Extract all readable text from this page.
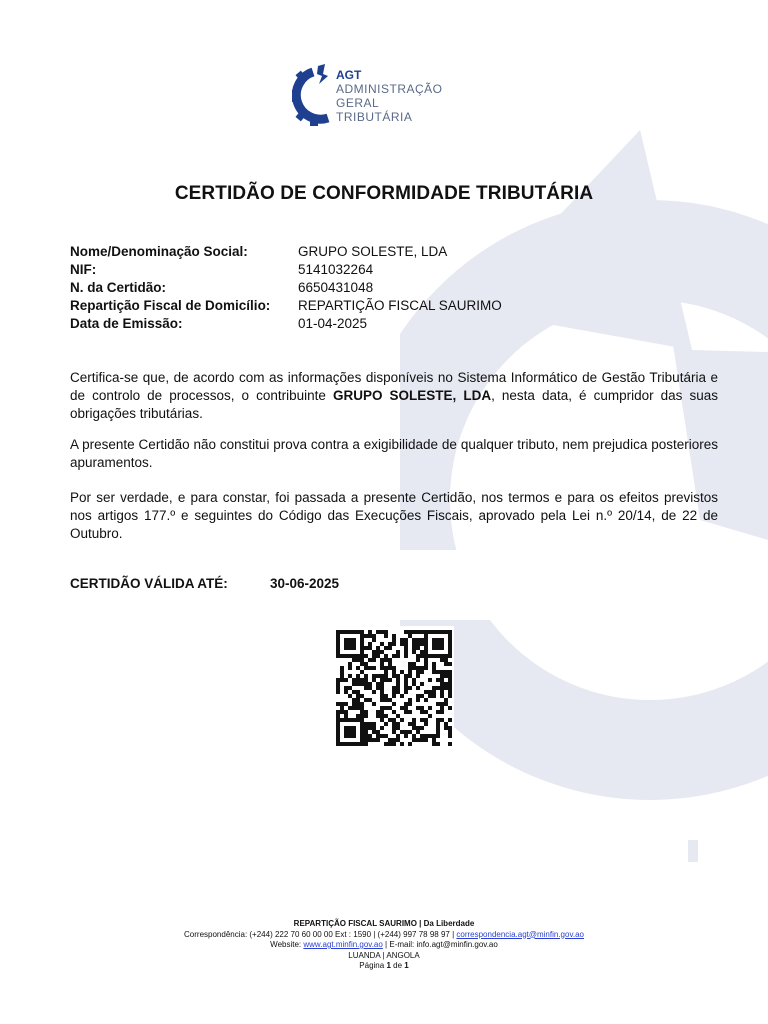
AGT
ADMINISTRAÇÃO
GERAL
TRIBUTÁRIA
CERTIDÃO DE CONFORMIDADE TRIBUTÁRIA
Nome/Denominação Social:	GRUPO SOLESTE, LDA
NIF:	5141032264
N. da Certidão:	6650431048
Repartição Fiscal de Domicílio: REPARTIÇÃO FISCAL SAURIMO
Data de Emissão:	01-04-2025

Certifica-se que, de acordo com as informações disponíveis no Sistema Informático de Gestão Tributária e de controlo de processos, o contribuinte GRUPO SOLESTE, LDA, nesta data, é cumpridor das suas obrigações tributárias.

A presente Certidão não constitui prova contra a exigibilidade de qualquer tributo, nem prejudica posteriores apuramentos.

Por ser verdade, e para constar, foi passada a presente Certidão, nos termos e para os efeitos previstos nos artigos 177.º e seguintes do Código das Execuções Fiscais, aprovado pela Lei n.º 20/14, de 22 de Outubro.

CERTIDÃO VÁLIDA ATÉ:	30-06-2025
REPARTIÇÃO FISCAL SAURIMO | Da Liberdade
Correspondência: (+244) 222 70 60 00 00 Ext : 1590 | (+244) 997 78 98 97 | correspondencia.agt@minfin.gov.ao
Website: www.agt.minfin.gov.ao | E-mail: info.agt@minfin.gov.ao
LUANDA | ANGOLA
Página 1 de 1
